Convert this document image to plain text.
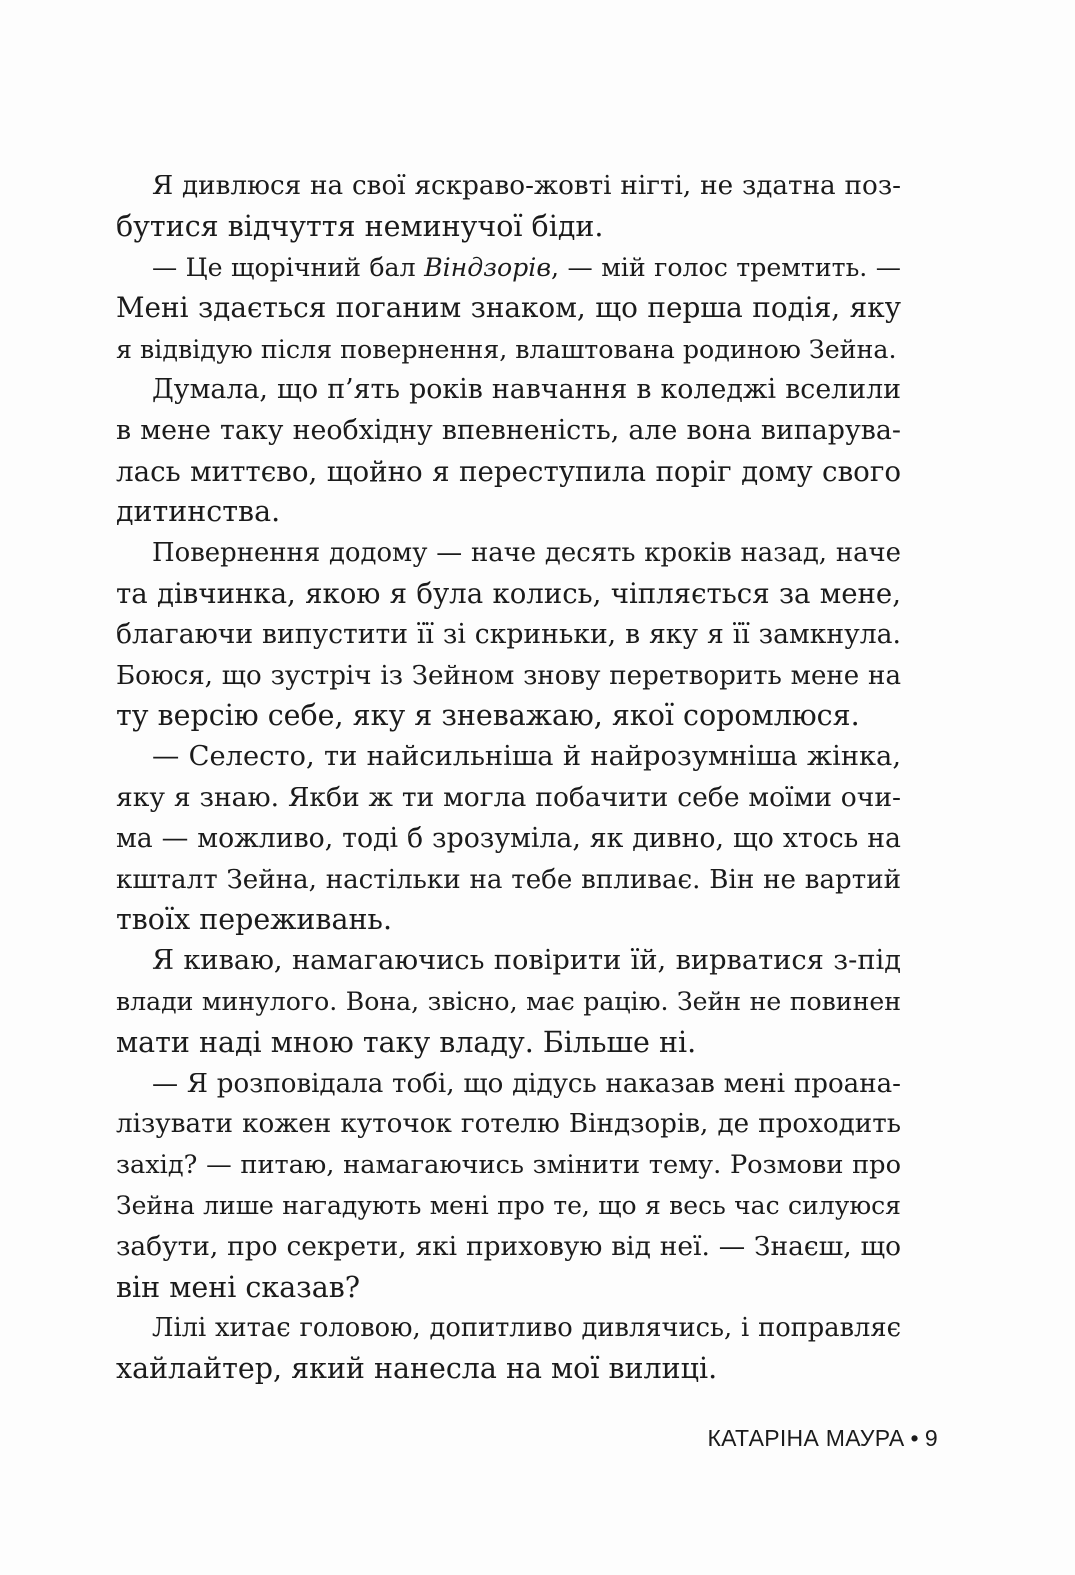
Я дивлюся на свої яскраво-жовті нігті, не здатна поз-
бутися відчуття неминучої біди.
— Це щорічний бал Віндзорів, — мій голос тремтить. —
Мені здається поганим знаком, що перша подія, яку
я відвідую після повернення, влаштована родиною Зейна.
Думала, що п’ять років навчання в коледжі вселили
в мене таку необхідну впевненість, але вона випарува-
лась миттєво, щойно я переступила поріг дому свого
дитинства.
Повернення додому — наче десять кроків назад, наче
та дівчинка, якою я була колись, чіпляється за мене,
благаючи випустити її зі скриньки, в яку я її замкнула.
Боюся, що зустріч із Зейном знову перетворить мене на
ту версію себе, яку я зневажаю, якої соромлюся.
— Селесто, ти найсильніша й найрозумніша жінка,
яку я знаю. Якби ж ти могла побачити себе моїми очи-
ма — можливо, тоді б зрозуміла, як дивно, що хтось на
кшталт Зейна, настільки на тебе впливає. Він не вартий
твоїх переживань.
Я киваю, намагаючись повірити їй, вирватися з-під
влади минулого. Вона, звісно, має рацію. Зейн не повинен
мати наді мною таку владу. Більше ні.
— Я розповідала тобі, що дідусь наказав мені проана-
лізувати кожен куточок готелю Віндзорів, де проходить
захід? — питаю, намагаючись змінити тему. Розмови про
Зейна лише нагадують мені про те, що я весь час силуюся
забути, про секрети, які приховую від неї. — Знаєш, що
він мені сказав?
Лілі хитає головою, допитливо дивлячись, і поправляє
хайлайтер, який нанесла на мої вилиці.
КАТАРІНА МАУРА • 9
